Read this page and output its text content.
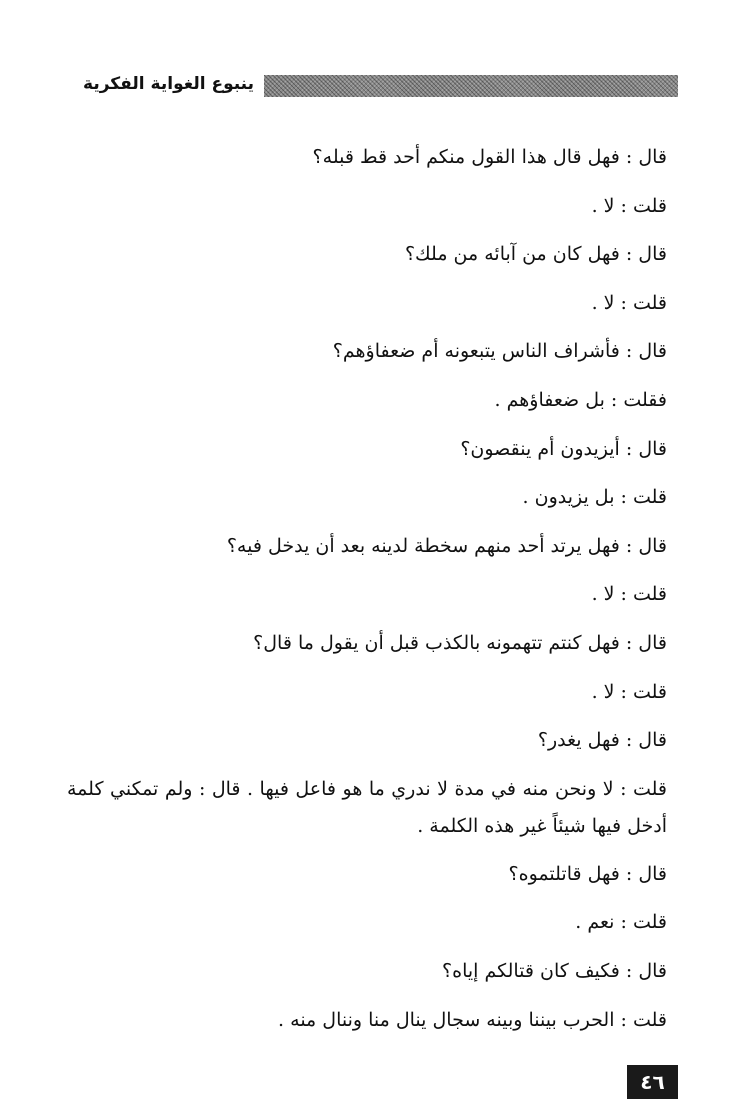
ينبوع الغواية الفكرية
قال : فهل قال هذا القول منكم أحد قط قبله؟
قلت : لا .
قال : فهل كان من آبائه من ملك؟
قلت : لا .
قال : فأشراف الناس يتبعونه أم ضعفاؤهم؟
فقلت : بل ضعفاؤهم .
قال : أيزيدون أم ينقصون؟
قلت : بل يزيدون .
قال : فهل يرتد أحد منهم سخطة لدينه بعد أن يدخل فيه؟
قلت : لا .
قال : فهل كنتم تتهمونه بالكذب قبل أن يقول ما قال؟
قلت : لا .
قال : فهل يغدر؟
قلت : لا ونحن منه في مدة لا ندري ما هو فاعل فيها . قال : ولم تمكني كلمة أدخل فيها شيئاً غير هذه الكلمة .
قال : فهل قاتلتموه؟
قلت : نعم .
قال : فكيف كان قتالكم إياه؟
قلت : الحرب بيننا وبينه سجال ينال منا وننال منه .
٤٦
